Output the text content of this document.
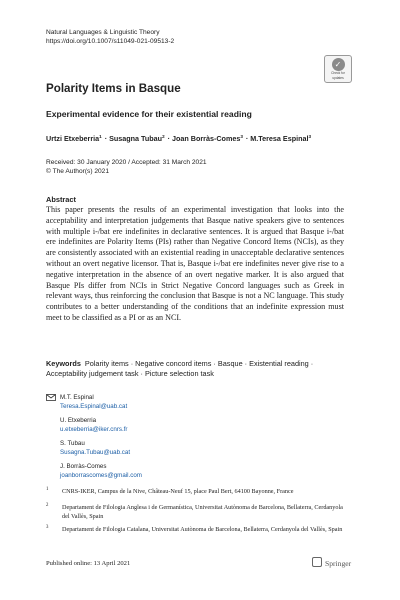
Natural Languages & Linguistic Theory
https://doi.org/10.1007/s11049-021-09513-2
✓
Check for
updates
Polarity Items in Basque
Experimental evidence for their existential reading
Urtzi Etxeberria$^1$ · Susagna Tubau$^2$ · Joan Borràs-Comes$^3$ · M.Teresa Espinal$^3$
Received: 30 January 2020 / Accepted: 31 March 2021
© The Author(s) 2021
Abstract

This paper presents the results of an experimental investigation that looks into the acceptability and interpretation judgements that Basque native speakers give to sentences with multiple i-/bat ere indefinites in declarative sentences. It is argued that Basque i-/bat ere indefinites are Polarity Items (PIs) rather than Negative Concord Items (NCIs), as they are consistently associated with an existential reading in unacceptable declarative sentences without an overt negative licensor. That is, Basque i-/bat ere indefinites never give rise to a negative interpretation in the absence of an overt negative marker. It is also argued that Basque PIs differ from NCIs in Strict Negative Concord languages such as Greek in relevant ways, thus reinforcing the conclusion that Basque is not a NC language. This study contributes to a better understanding of the conditions that an indefinite expression must meet to be classified as a PI or as an NCI.

Keywords Polarity items · Negative concord items · Basque · Existential reading · Acceptability judgement task · Picture selection task

M.T. Espinal
Teresa.Espinal@uab.cat
U. Etxeberria
u.etxeberria@iker.cnrs.fr
S. Tubau
Susagna.Tubau@uab.cat
J. Borràs-Comes
joanborrascomes@gmail.com
1 CNRS-IKER, Campus de la Nive, Château-Neuf 15, place Paul Bert, 64100 Bayonne, France
2 Departament de Filologia Anglesa i de Germanística, Universitat Autònoma de Barcelona, Bellaterra, Cerdanyola del Vallès, Spain
3 Departament de Filologia Catalana, Universitat Autònoma de Barcelona, Bellaterra, Cerdanyola del Vallès, Spain
Published online: 13 April 2021	Springer
